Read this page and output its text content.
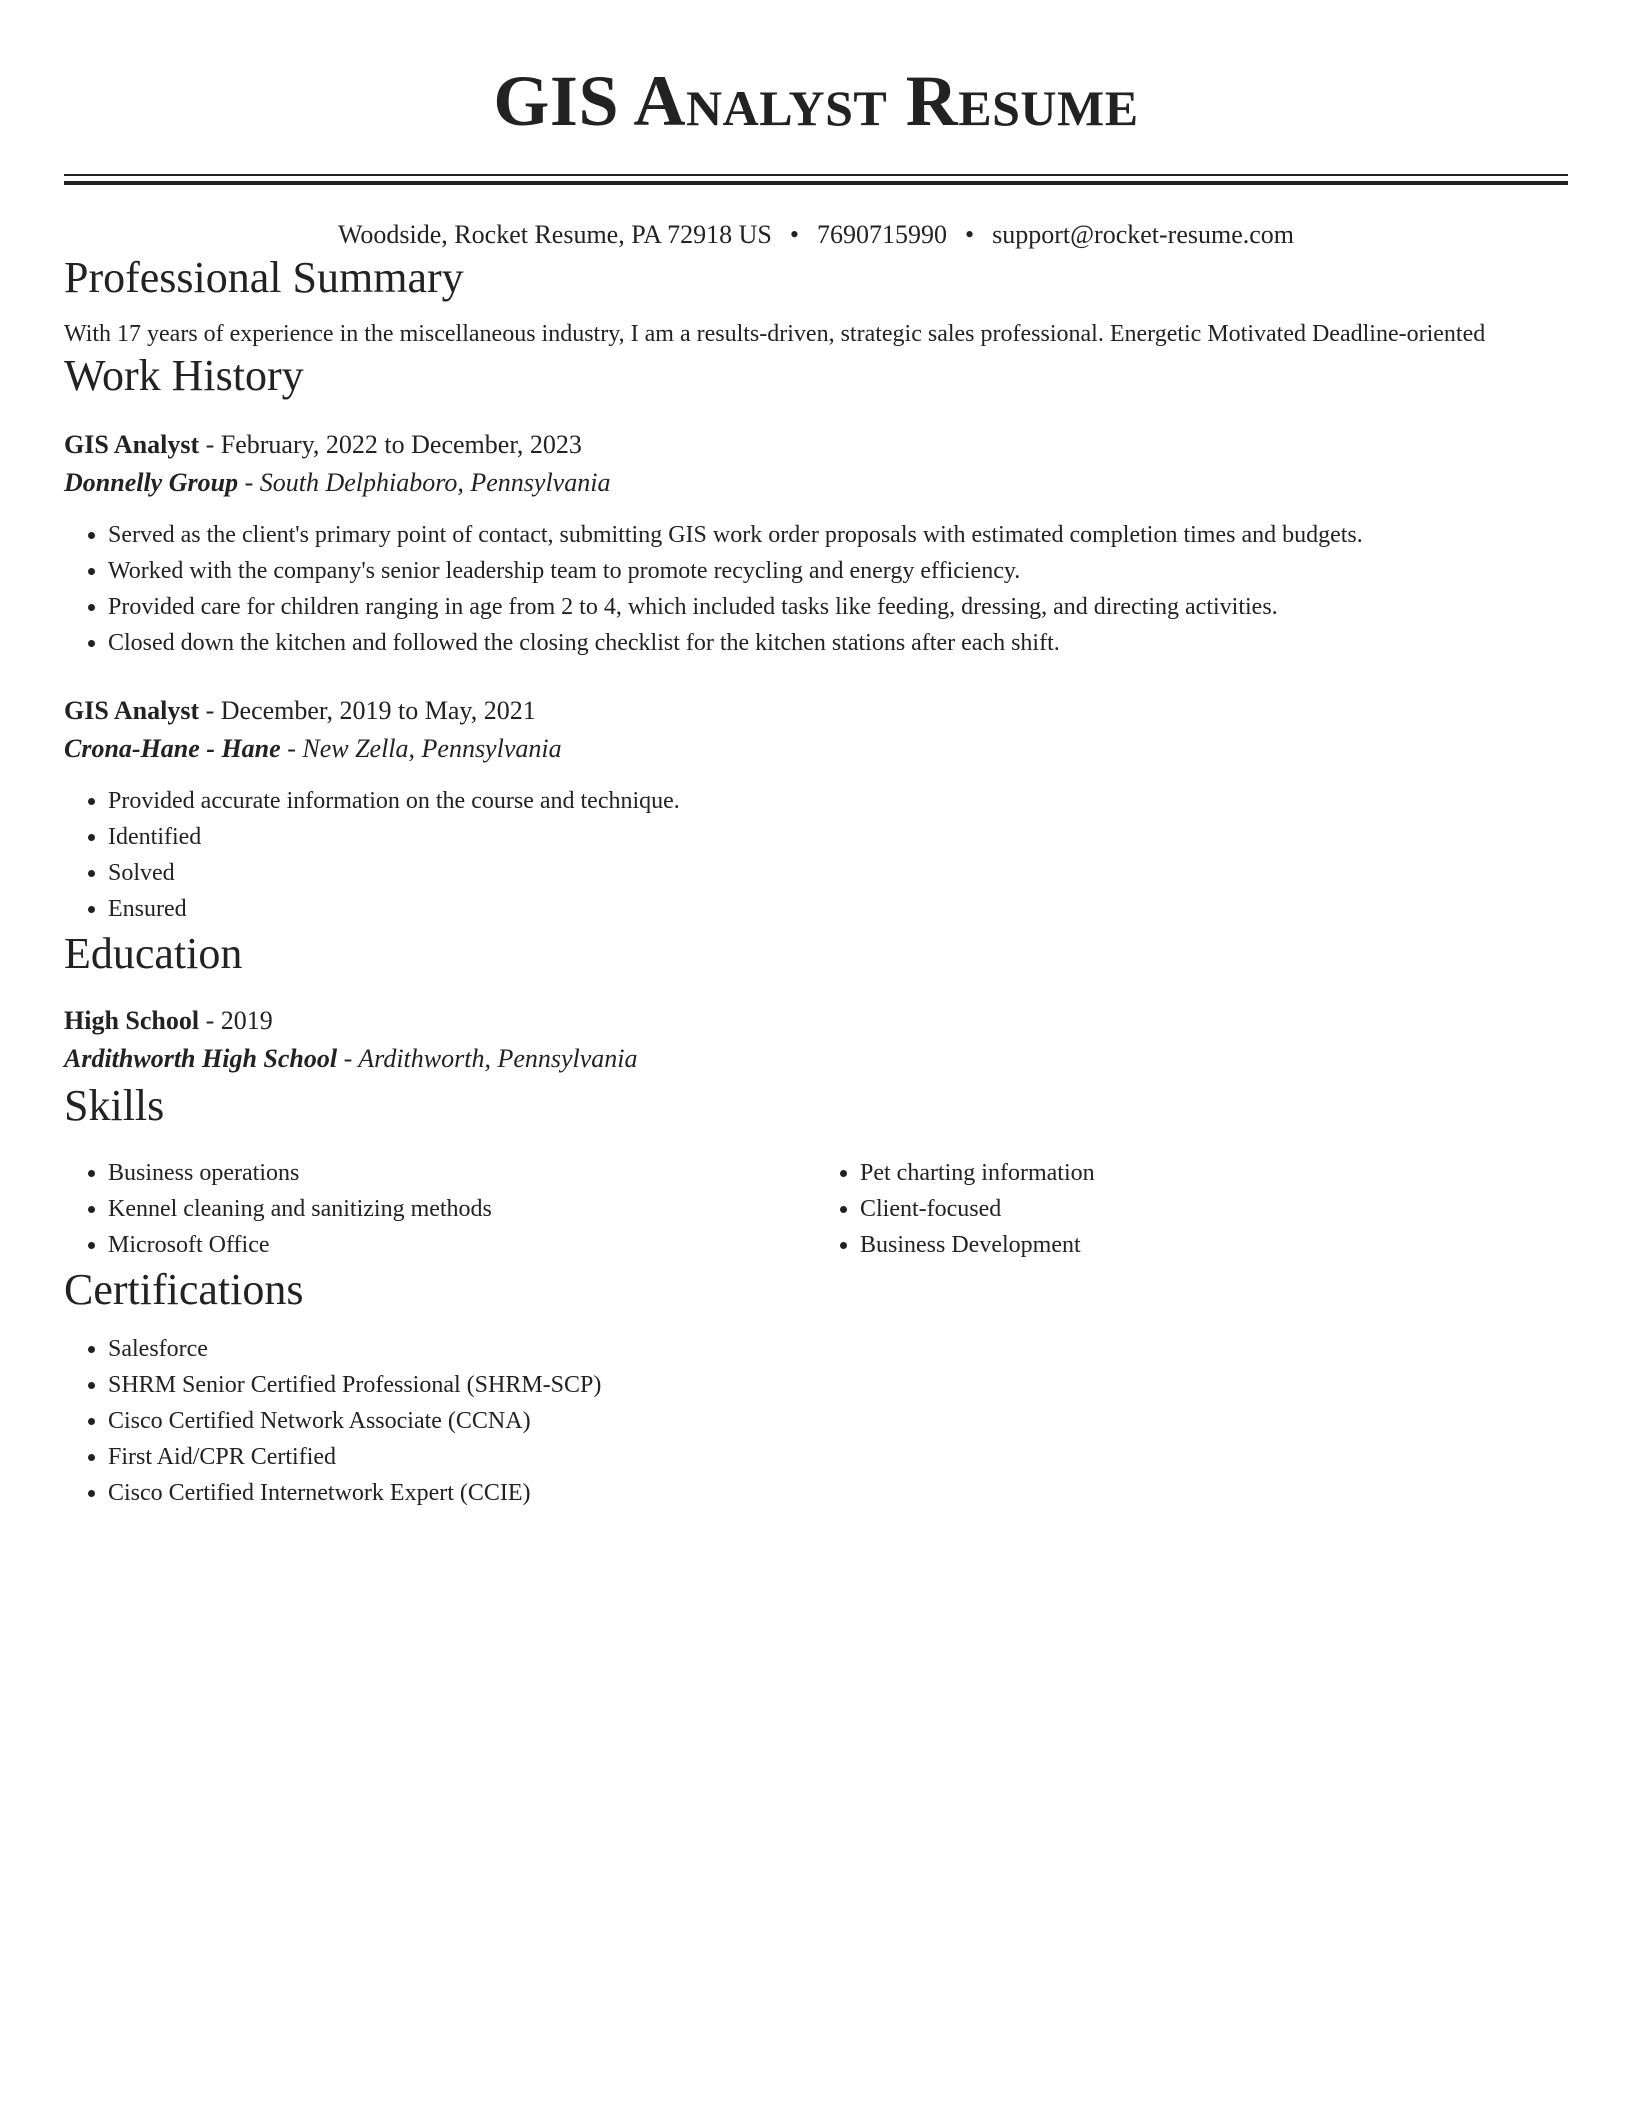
GIS Analyst Resume
Woodside, Rocket Resume, PA 72918 US • 7690715990 • support@rocket-resume.com
Professional Summary
With 17 years of experience in the miscellaneous industry, I am a results-driven, strategic sales professional. Energetic Motivated Deadline-oriented
Work History
GIS Analyst - February, 2022 to December, 2023
Donnelly Group - South Delphiaboro, Pennsylvania
• Served as the client's primary point of contact, submitting GIS work order proposals with estimated completion times and budgets.
• Worked with the company's senior leadership team to promote recycling and energy efficiency.
• Provided care for children ranging in age from 2 to 4, which included tasks like feeding, dressing, and directing activities.
• Closed down the kitchen and followed the closing checklist for the kitchen stations after each shift.
GIS Analyst - December, 2019 to May, 2021
Crona-Hane - Hane - New Zella, Pennsylvania
• Provided accurate information on the course and technique.
• Identified
• Solved
• Ensured
Education
High School - 2019
Ardithworth High School - Ardithworth, Pennsylvania
Skills
• Business operations
• Kennel cleaning and sanitizing methods
• Microsoft Office
• Pet charting information
• Client-focused
• Business Development
Certifications
• Salesforce
• SHRM Senior Certified Professional (SHRM-SCP)
• Cisco Certified Network Associate (CCNA)
• First Aid/CPR Certified
• Cisco Certified Internetwork Expert (CCIE)
